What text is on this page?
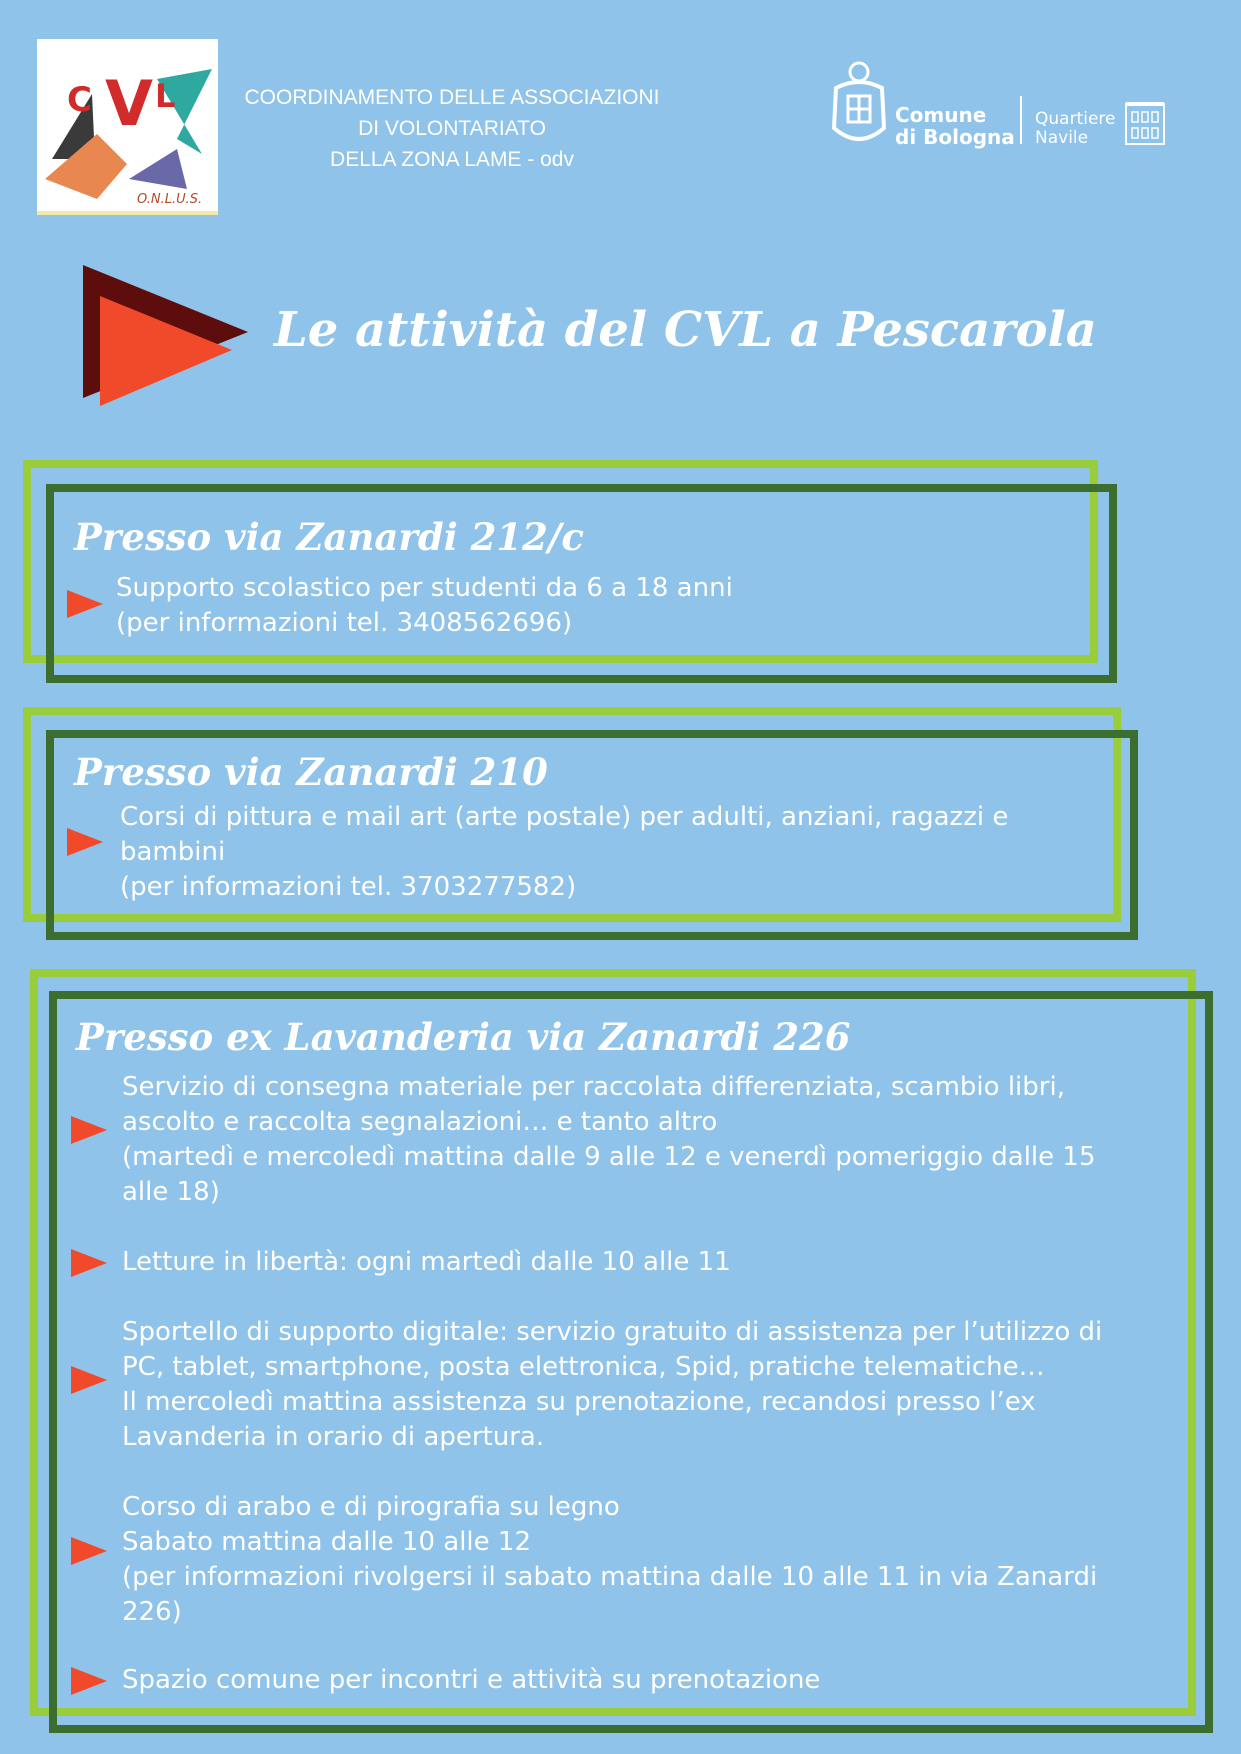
C V L
O.N.L.U.S.
COORDINAMENTO DELLE ASSOCIAZIONI
DI VOLONTARIATO
DELLA ZONA LAME - odv
Comune
di Bologna
Quartiere
Navile
Le attività del CVL a Pescarola
Presso via Zanardi 212/c
Supporto scolastico per studenti da 6 a 18 anni
(per informazioni tel. 3408562696)
Presso via Zanardi 210
Corsi di pittura e mail art (arte postale) per adulti, anziani, ragazzi e
bambini
(per informazioni tel. 3703277582)
Presso ex Lavanderia via Zanardi 226
Servizio di consegna materiale per raccolata differenziata, scambio libri,
ascolto e raccolta segnalazioni… e tanto altro
(martedì e mercoledì mattina dalle 9 alle 12 e venerdì pomeriggio dalle 15
alle 18)
Letture in libertà: ogni martedì dalle 10 alle 11
Sportello di supporto digitale: servizio gratuito di assistenza per l’utilizzo di
PC, tablet, smartphone, posta elettronica, Spid, pratiche telematiche…
Il mercoledì mattina assistenza su prenotazione, recandosi presso l’ex
Lavanderia in orario di apertura.
Corso di arabo e di pirografia su legno
Sabato mattina dalle 10 alle 12
(per informazioni rivolgersi il sabato mattina dalle 10 alle 11 in via Zanardi
226)
Spazio comune per incontri e attività su prenotazione
